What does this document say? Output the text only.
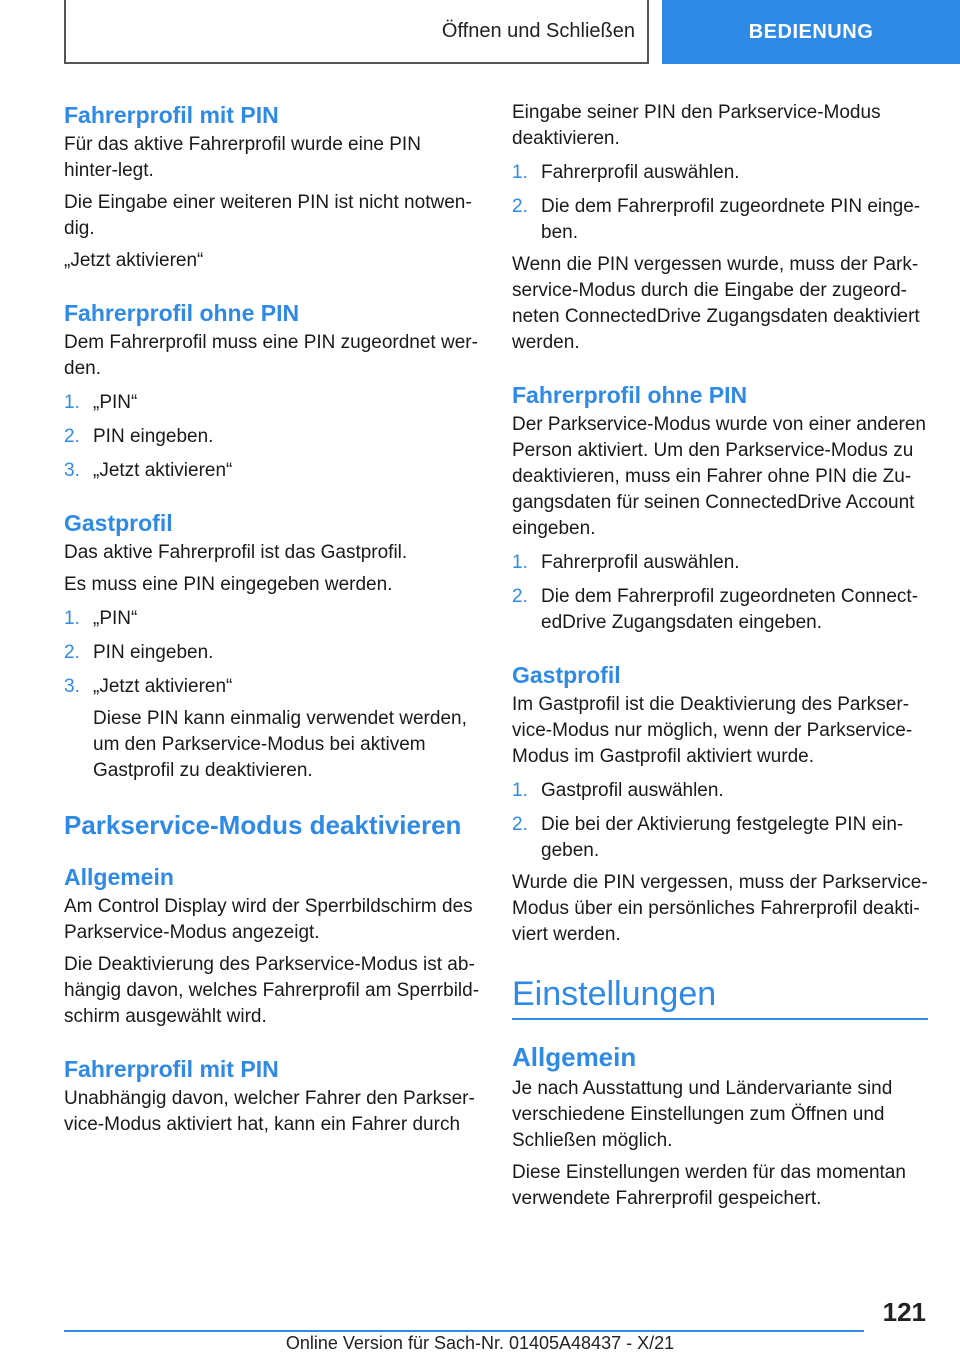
Öffnen und Schließen	BEDIENUNG
Fahrerprofil mit PIN

Für das aktive Fahrerprofil wurde eine PIN hinter-legt.

Die Eingabe einer weiteren PIN ist nicht notwen-dig.

„Jetzt aktivieren“

Fahrerprofil ohne PIN

Dem Fahrerprofil muss eine PIN zugeordnet wer-den.

1. „PIN“
2. PIN eingeben.
3. „Jetzt aktivieren“
Gastprofil

Das aktive Fahrerprofil ist das Gastprofil.

Es muss eine PIN eingegeben werden.

1. „PIN“
2. PIN eingeben.
3. „Jetzt aktivieren“
Diese PIN kann einmalig verwendet werden, um den Parkservice-Modus bei aktivem Gastprofil zu deaktivieren.
Parkservice-Modus deaktivieren
Allgemein

Am Control Display wird der Sperrbildschirm des Parkservice-Modus angezeigt.

Die Deaktivierung des Parkservice-Modus ist ab-hängig davon, welches Fahrerprofil am Sperrbild-schirm ausgewählt wird.

Fahrerprofil mit PIN

Unabhängig davon, welcher Fahrer den Parkser-vice-Modus aktiviert hat, kann ein Fahrer durch

Eingabe seiner PIN den Parkservice-Modus deaktivieren.

1. Fahrerprofil auswählen.
2. Die dem Fahrerprofil zugeordnete PIN einge-ben.

Wenn die PIN vergessen wurde, muss der Park-service-Modus durch die Eingabe der zugeord-neten ConnectedDrive Zugangsdaten deaktiviert werden.

Fahrerprofil ohne PIN

Der Parkservice-Modus wurde von einer anderen Person aktiviert. Um den Parkservice-Modus zu deaktivieren, muss ein Fahrer ohne PIN die Zu-gangsdaten für seinen ConnectedDrive Account eingeben.

1. Fahrerprofil auswählen.
2. Die dem Fahrerprofil zugeordneten Connect-edDrive Zugangsdaten eingeben.
Gastprofil

Im Gastprofil ist die Deaktivierung des Parkser-vice-Modus nur möglich, wenn der Parkservice-Modus im Gastprofil aktiviert wurde.

1. Gastprofil auswählen.
2. Die bei der Aktivierung festgelegte PIN ein-geben.

Wurde die PIN vergessen, muss der Parkservice-Modus über ein persönliches Fahrerprofil deakti-viert werden.

Einstellungen
Allgemein

Je nach Ausstattung und Ländervariante sind verschiedene Einstellungen zum Öffnen und Schließen möglich.

Diese Einstellungen werden für das momentan verwendete Fahrerprofil gespeichert.

121
Online Version für Sach-Nr. 01405A48437 - X/21
